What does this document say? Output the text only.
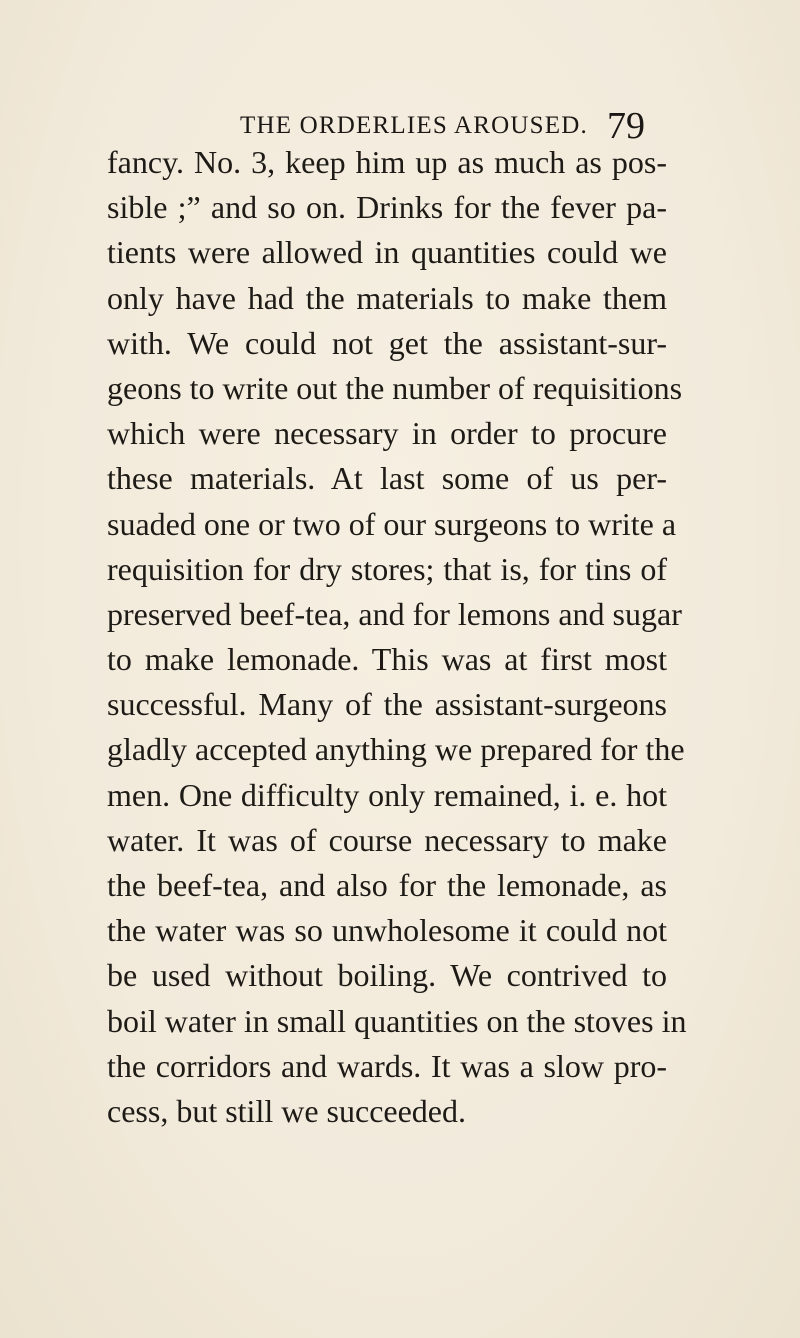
THE ORDERLIES AROUSED. 79
fancy. No. 3, keep him up as much as pos-
sible ;” and so on. Drinks for the fever pa-
tients were allowed in quantities could we
only have had the materials to make them
with. We could not get the assistant-sur-
geons to write out the number of requisitions
which were necessary in order to procure
these materials. At last some of us per-
suaded one or two of our surgeons to write a
requisition for dry stores; that is, for tins of
preserved beef-tea, and for lemons and sugar
to make lemonade. This was at first most
successful. Many of the assistant-surgeons
gladly accepted anything we prepared for the
men. One difficulty only remained, i. e. hot
water. It was of course necessary to make
the beef-tea, and also for the lemonade, as
the water was so unwholesome it could not
be used without boiling. We contrived to
boil water in small quantities on the stoves in
the corridors and wards. It was a slow pro-
cess, but still we succeeded.
